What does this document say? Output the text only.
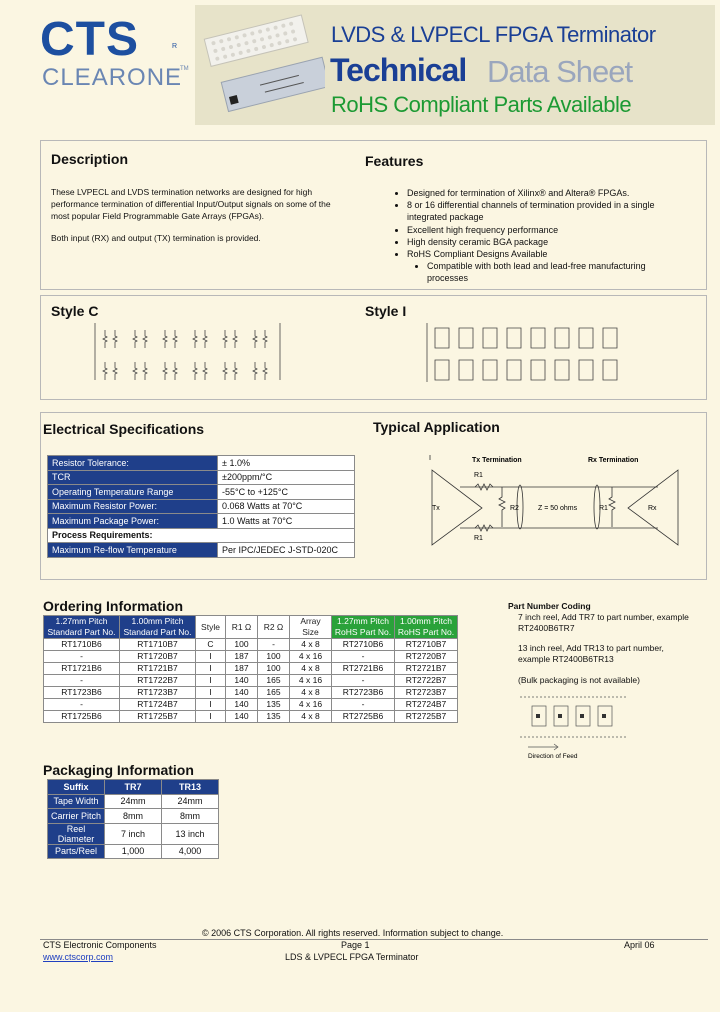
CTS	R
CLEARONE
TM
LVDS & LVPECL FPGA Terminator
Technical Data Sheet
RoHS Compliant Parts Available
Description
These LVPECL and LVDS termination networks are designed for high performance termination of differential Input/Output signals on some of the most popular Field Programmable Gate Arrays (FPGAs).
Both input (RX) and output (TX) termination is provided.
Features
• Designed for termination of Xilinx® and Altera® FPGAs.
• 8 or 16 differential channels of termination provided in a single integrated package
• Excellent high frequency performance
• High density ceramic BGA package
• RoHS Compliant Designs Available
• Compatible with both lead and lead-free manufacturing processes
Style C	Style I
Electrical Specifications
Resistor Tolerance:	± 1.0%
TCR	±200ppm/°C
Operating Temperature Range	-55°C to +125°C
Maximum Resistor Power:	0.068 Watts at 70°C
Maximum Package Power:	1.0 Watts at 70°C
Process Requirements:	
Maximum Re-flow Temperature	Per IPC/JEDEC J-STD-020C
Typical Application
Tx Termination	Rx Termination
R1
R1
R2	R1
Tx	Rx
Z = 50 ohms
Ordering Information
1.27mm Pitch Standard Part No.	1.00mm Pitch Standard Part No.	Style	R1 Ω	R2 Ω	Array Size	1.27mm Pitch RoHS Part No.	1.00mm Pitch RoHS Part No.
RT1710B6	RT1710B7	C	100	-	4 x 8	RT2710B6	RT2710B7
-	RT1720B7	I	187	100	4 x 16	-	RT2720B7
RT1721B6	RT1721B7	I	187	100	4 x 8	RT2721B6	RT2721B7
-	RT1722B7	I	140	165	4 x 16	-	RT2722B7
RT1723B6	RT1723B7	I	140	165	4 x 8	RT2723B6	RT2723B7
-	RT1724B7	I	140	135	4 x 16	-	RT2724B7
RT1725B6	RT1725B7	I	140	135	4 x 8	RT2725B6	RT2725B7
Part Number Coding
7 inch reel, Add TR7 to part number, example RT2400B6TR7
13 inch reel, Add TR13 to part number, example RT2400B6TR13
(Bulk packaging is not available)
Direction of Feed
Packaging Information
Suffix	TR7	TR13
Tape Width	24mm	24mm
Carrier Pitch	8mm	8mm
Reel Diameter	7 inch	13 inch
Parts/Reel	1,000	4,000
© 2006 CTS Corporation. All rights reserved. Information subject to change.
CTS Electronic Components
www.ctscorp.com
Page 1
LDS & LVPECL FPGA Terminator
April 06
